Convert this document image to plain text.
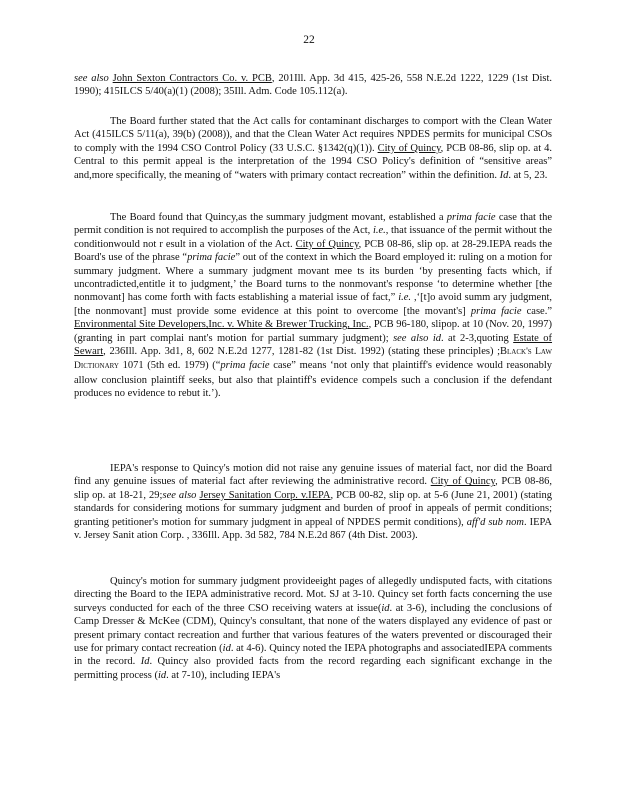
22

see also John Sexton Contractors Co. v. PCB, 201Ill. App. 3d 415, 425-26, 558 N.E.2d 1222, 1229 (1st Dist. 1990); 415ILCS 5/40(a)(1) (2008); 35Ill. Adm. Code 105.112(a).

The Board further stated that the Act calls for contaminant discharges to comport with the Clean Water Act (415ILCS 5/11(a), 39(b) (2008)), and that the Clean Water Act requires NPDES permits for municipal CSOs to comply with the 1994 CSO Control Policy (33 U.S.C. §1342(q)(1)). City of Quincy, PCB 08-86, slip op. at 4. Central to this permit appeal is the interpretation of the 1994 CSO Policy's definition of “sensitive areas” and,more specifically, the meaning of “waters with primary contact recreation” within the definition. Id. at 5, 23.

The Board found that Quincy,as the summary judgment movant, established a prima facie case that the permit condition is not required to accomplish the purposes of the Act, i.e., that issuance of the permit without the conditionwould not r esult in a violation of the Act. City of Quincy, PCB 08-86, slip op. at 28-29.IEPA reads the Board's use of the phrase “prima facie” out of the context in which the Board employed it: ruling on a motion for summary judgment. Where a summary judgment movant mee ts its burden ‘by presenting facts which, if uncontradicted,entitle it to judgment,’ the Board turns to the nonmovant's response ‘to determine whether [the nonmovant] has come forth with facts establishing a material issue of fact,” i.e. ,‘[t]o avoid summ ary judgment, [the nonmovant] must provide some evidence at this point to overcome [the movant's] prima facie case.” Environmental Site Developers,Inc. v. White & Brewer Trucking, Inc., PCB 96-180, slipop. at 10 (Nov. 20, 1997) (granting in part complai nant's motion for partial summary judgment); see also id. at 2-3,quoting Estate of Sewart, 236Ill. App. 3d1, 8, 602 N.E.2d 1277, 1281-82 (1st Dist. 1992) (stating these principles) ;Black's Law Dictionary 1071 (5th ed. 1979) (“prima facie case” means ‘not only that plaintiff's evidence would reasonably allow conclusion plaintiff seeks, but also that plaintiff's evidence compels such a conclusion if the defendant produces no evidence to rebut it.’).

IEPA's response to Quincy's motion did not raise any genuine issues of material fact, nor did the Board find any genuine issues of material fact after reviewing the administrative record. City of Quincy, PCB 08-86, slip op. at 18-21, 29;see also Jersey Sanitation Corp. v.IEPA, PCB 00-82, slip op. at 5-6 (June 21, 2001) (stating standards for considering motions for summary judgment and burden of proof in appeals of permit conditions; granting petitioner's motion for summary judgment in appeal of NPDES permit conditions), aff'd sub nom. IEPA v. Jersey Sanit ation Corp. , 336Ill. App. 3d 582, 784 N.E.2d 867 (4th Dist. 2003).

Quincy's motion for summary judgment provideeight pages of allegedly undisputed facts, with citations directing the Board to the IEPA administrative record. Mot. SJ at 3-10. Quincy set forth facts concerning the use surveys conducted for each of the three CSO receiving waters at issue(id. at 3-6), including the conclusions of Camp Dresser & McKee (CDM), Quincy's consultant, that none of the waters displayed any evidence of past or present primary contact recreation and further that various features of the waters prevented or discouraged their use for primary contact recreation (id. at 4-6). Quincy noted the IEPA photographs and associatedIEPA comments in the record. Id. Quincy also provided facts from the record regarding each significant exchange in the permitting process (id. at 7-10), including IEPA's
